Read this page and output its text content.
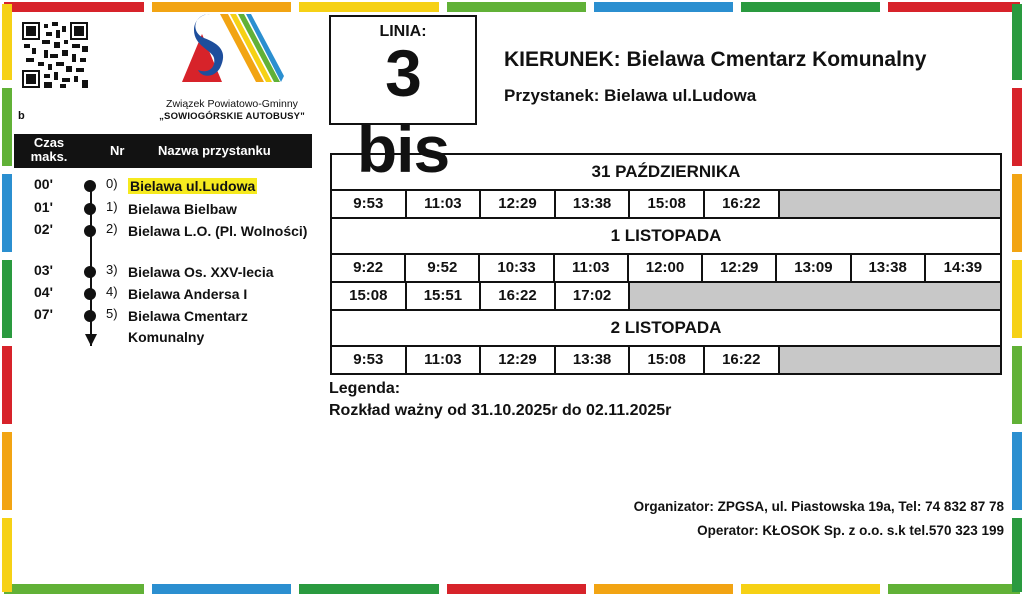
b
Związek Powiatowo-Gminny
„SOWIOGÓRSKIE AUTOBUSY"
Czas maks.	Nr	Nazwa przystanku
00'	0) Bielawa ul.Ludowa
01'	1) Bielawa Bielbaw
02'	2) Bielawa L.O. (Pl. Wolności)
03'	3) Bielawa Os. XXV-lecia
04'	4) Bielawa Andersa I
07'	5) Bielawa Cmentarz Komunalny
LINIA:
3 bis
KIERUNEK: Bielawa Cmentarz Komunalny
Przystanek: Bielawa ul.Ludowa
31 PAŹDZIERNIKA
9:53	11:03	12:29	13:38	15:08	16:22
1 LISTOPADA
9:22	9:52	10:33	11:03	12:00	12:29	13:09	13:38	14:39
15:08	15:51	16:22	17:02
2 LISTOPADA
9:53	11:03	12:29	13:38	15:08	16:22
Legenda:
Rozkład ważny od 31.10.2025r do 02.11.2025r
Organizator: ZPGSA, ul. Piastowska 19a, Tel: 74 832 87 78
Operator: KŁOSOK Sp. z o.o. s.k tel.570 323 199
